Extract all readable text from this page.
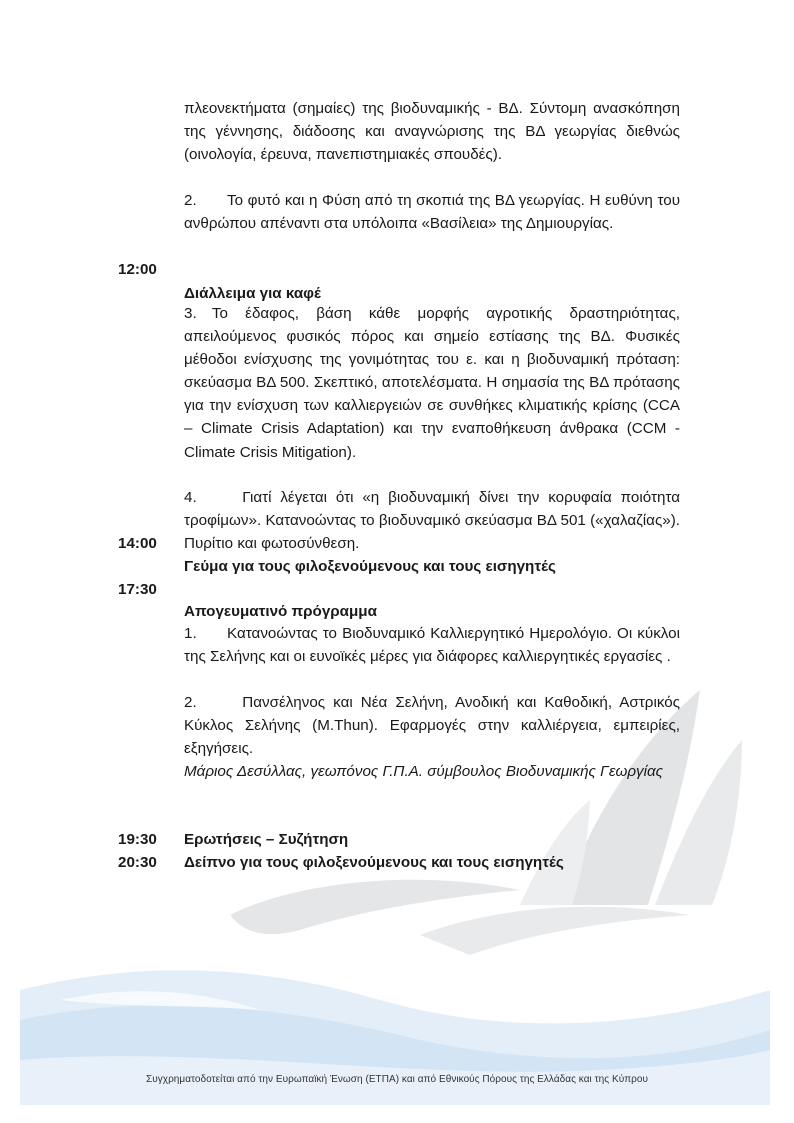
πλεονεκτήματα (σημαίες) της βιοδυναμικής - ΒΔ. Σύντομη ανασκόπηση της γέννησης, διάδοσης και αναγνώρισης της ΒΔ γεωργίας διεθνώς (οινολογία, έρευνα, πανεπιστημιακές σπουδές).

2.  Το φυτό και η Φύση από τη σκοπιά της ΒΔ γεωργίας. Η ευθύνη του ανθρώπου απέναντι στα υπόλοιπα «Βασίλεια» της Δημιουργίας.

12:00
Διάλλειμα για καφέ

3. Το έδαφος, βάση κάθε μορφής αγροτικής δραστηριότητας, απειλούμενος φυσικός πόρος και σημείο εστίασης της ΒΔ. Φυσικές μέθοδοι ενίσχυσης της γονιμότητας του ε. και η βιοδυναμική πρόταση: σκεύασμα ΒΔ 500. Σκεπτικό, αποτελέσματα. Η σημασία της ΒΔ πρότασης για την ενίσχυση των καλλιεργειών σε συνθήκες κλιματικής κρίσης (CCA – Climate Crisis Adaptation) και την εναποθήκευση άνθρακα (CCM - Climate Crisis Mitigation).

4.   Γιατί λέγεται ότι «η βιοδυναμική δίνει την κορυφαία ποιότητα τροφίμων». Κατανοώντας το βιοδυναμικό σκεύασμα ΒΔ 501 («χαλαζίας»). Πυρίτιο και φωτοσύνθεση.

14:00
Γεύμα για τους φιλοξενούμενους και τους εισηγητές
17:30
Απογευματινό πρόγραμμα

1.  Κατανοώντας το Βιοδυναμικό Καλλιεργητικό Ημερολόγιο. Οι κύκλοι της Σελήνης και οι ευνοϊκές μέρες για διάφορες καλλιεργητικές εργασίες .

2.   Πανσέληνος και Νέα Σελήνη, Ανοδική και Καθοδική, Αστρικός Κύκλος Σελήνης (M.Thun). Εφαρμογές στην καλλιέργεια, εμπειρίες, εξηγήσεις.

Μάριος Δεσύλλας, γεωπόνος Γ.Π.Α. σύμβουλος Βιοδυναμικής Γεωργίας

19:30 Ερωτήσεις – Συζήτηση
20:30 Δείπνο για τους φιλοξενούμενους και τους εισηγητές
Συγχρηματοδοτείται από την Ευρωπαϊκή Ένωση (ΕΤΠΑ) και από Εθνικούς Πόρους της Ελλάδας και της Κύπρου
